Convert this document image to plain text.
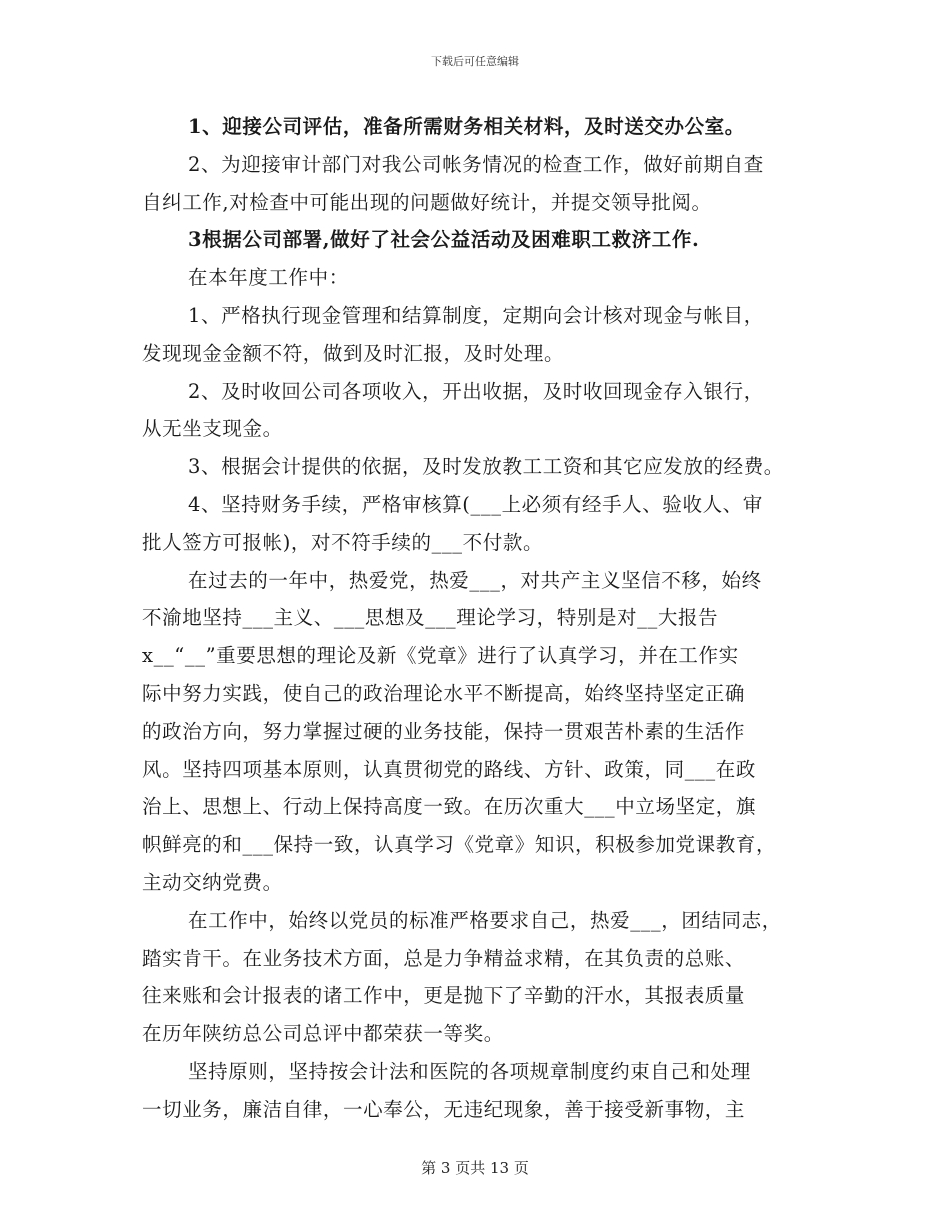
下载后可任意编辑
1、迎接公司评估，准备所需财务相关材料，及时送交办公室。
2、为迎接审计部门对我公司帐务情况的检查工作，做好前期自查
自纠工作,对检查中可能出现的问题做好统计，并提交领导批阅。
3根据公司部署,做好了社会公益活动及困难职工救济工作.
在本年度工作中：
1、严格执行现金管理和结算制度，定期向会计核对现金与帐目，
发现现金金额不符，做到及时汇报，及时处理。
2、及时收回公司各项收入，开出收据，及时收回现金存入银行，
从无坐支现金。
3、根据会计提供的依据，及时发放教工工资和其它应发放的经费。
4、坚持财务手续，严格审核算(___上必须有经手人、验收人、审
批人签方可报帐)，对不符手续的___不付款。
在过去的一年中，热爱党，热爱___，对共产主义坚信不移，始终
不渝地坚持___主义、___思想及___理论学习，特别是对__大报告
x__“__”重要思想的理论及新《党章》进行了认真学习，并在工作实
际中努力实践，使自己的政治理论水平不断提高，始终坚持坚定正确
的政治方向，努力掌握过硬的业务技能，保持一贯艰苦朴素的生活作
风。坚持四项基本原则，认真贯彻党的路线、方针、政策，同___在政
治上、思想上、行动上保持高度一致。在历次重大___中立场坚定，旗
帜鲜亮的和___保持一致，认真学习《党章》知识，积极参加党课教育，
主动交纳党费。
在工作中，始终以党员的标准严格要求自己，热爱___，团结同志，
踏实肯干。在业务技术方面，总是力争精益求精，在其负责的总账、
往来账和会计报表的诸工作中，更是抛下了辛勤的汗水，其报表质量
在历年陕纺总公司总评中都荣获一等奖。
坚持原则，坚持按会计法和医院的各项规章制度约束自己和处理
一切业务，廉洁自律，一心奉公，无违纪现象，善于接受新事物，主
第 3 页共 13 页
